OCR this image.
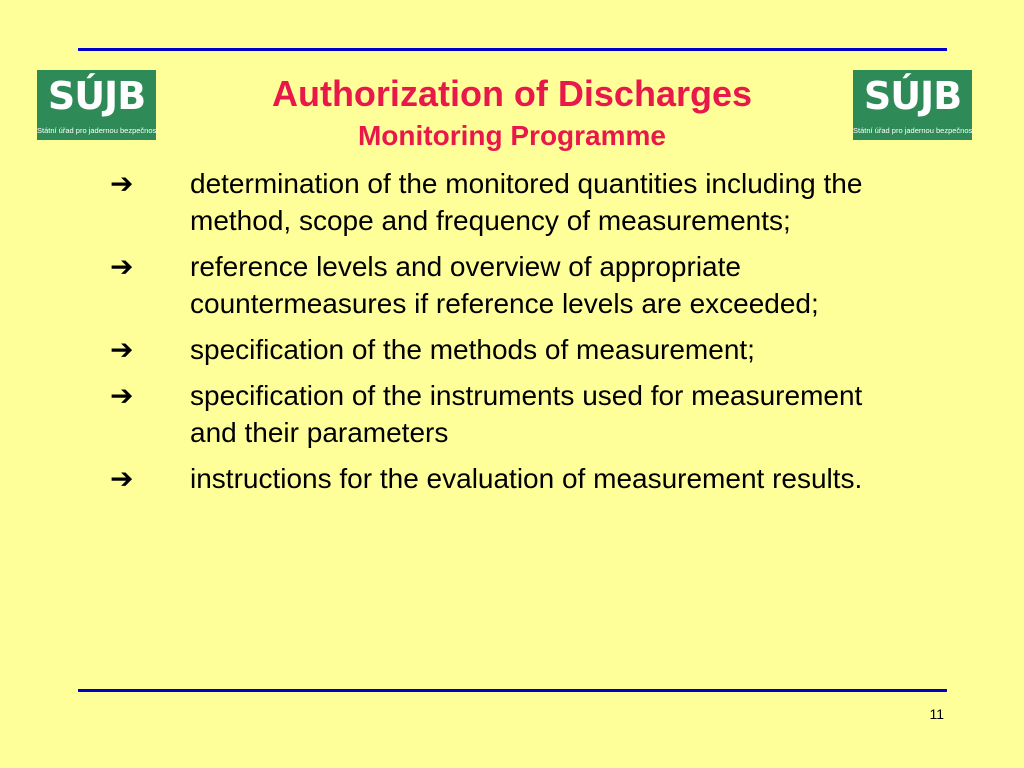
SÚJB
Státní úřad pro jadernou bezpečnost
SÚJB
Státní úřad pro jadernou bezpečnost
Authorization of Discharges
Monitoring Programme
➔	determination of the monitored quantities including the method, scope and frequency of measurements;
➔	reference levels and overview of appropriate countermeasures if reference levels are exceeded;
➔	specification of the methods of measurement;
➔	specification of the instruments used for measurement and their parameters
➔	instructions for the evaluation of measurement results.
11
